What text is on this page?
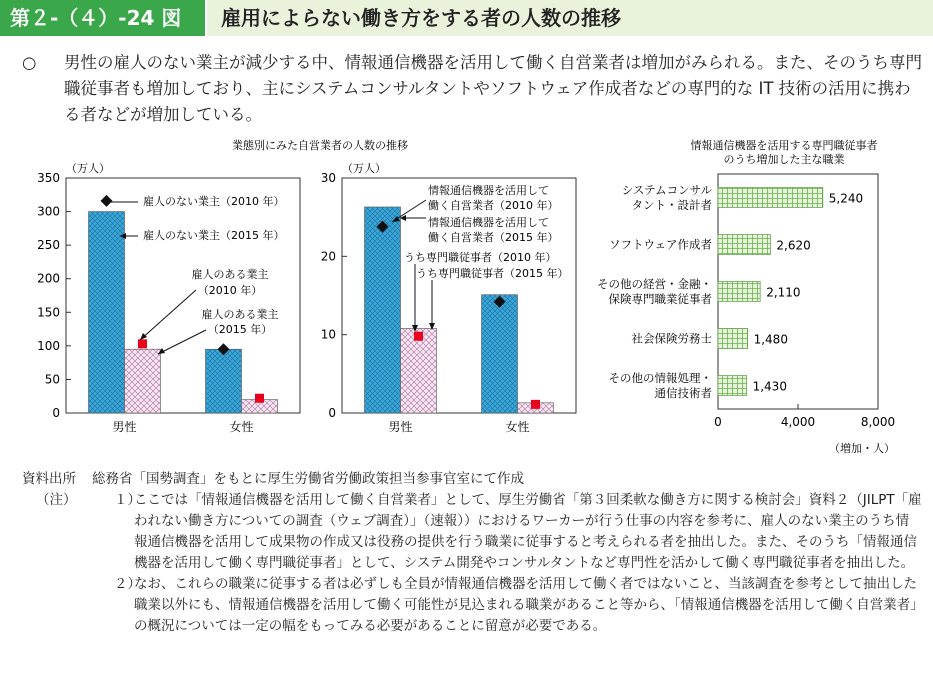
第２-（４）-24 図	雇用によらない働き方をする者の人数の推移
○	男性の雇人のない業主が減少する中、情報通信機器を活用して働く自営業者は増加がみられる。また、そのうち専門職従事者も増加しており、主にシステムコンサルタントやソフトウェア作成者などの専門的な IT 技術の活用に携わる者などが増加している。
業態別にみた自営業者の人数の推移
（万人）
0
50
100
150
200
250
300
350
男性	女性
雇人のない業主（2010 年）
雇人のない業主（2015 年）
雇人のある業主
（2010 年）
雇人のある業主
（2015 年）
（万人）
0
10
20
30
男性	女性
情報通信機器を活用して
働く自営業者（2010 年）
情報通信機器を活用して
働く自営業者（2015 年）
うち専門職従事者（2010 年）
うち専門職従事者（2015 年）
情報通信機器を活用する専門職従事者
のうち増加した主な職業
（増加・人）
0	4,000	8,000
システムコンサル
タント・設計者
ソフトウェア作成者
その他の経営・金融・
保険専門職業従事者
社会保険労務士
その他の情報処理・
通信技術者
5,240
2,620
2,110
1,480
1,430
資料出所 総務省「国勢調査」をもとに厚生労働省労働政策担当参事官室にて作成
（注）	１）
ここでは「情報通信機器を活用して働く自営業者」として、厚生労働省「第３回柔軟な働き方に関する検討会」資料２（JILPT「雇われない働き方についての調査（ウェブ調査）」（速報））におけるワーカーが行う仕事の内容を参考に、雇人のない業主のうち情報通信機器を活用して成果物の作成又は役務の提供を行う職業に従事すると考えられる者を抽出した。また、そのうち「情報通信機器を活用して働く専門職従事者」として、システム開発やコンサルタントなど専門性を活かして働く専門職従事者を抽出した。
２）
なお、これらの職業に従事する者は必ずしも全員が情報通信機器を活用して働く者ではないこと、当該調査を参考として抽出した職業以外にも、情報通信機器を活用して働く可能性が見込まれる職業があること等から、「情報通信機器を活用して働く自営業者」の概況については一定の幅をもってみる必要があることに留意が必要である。
